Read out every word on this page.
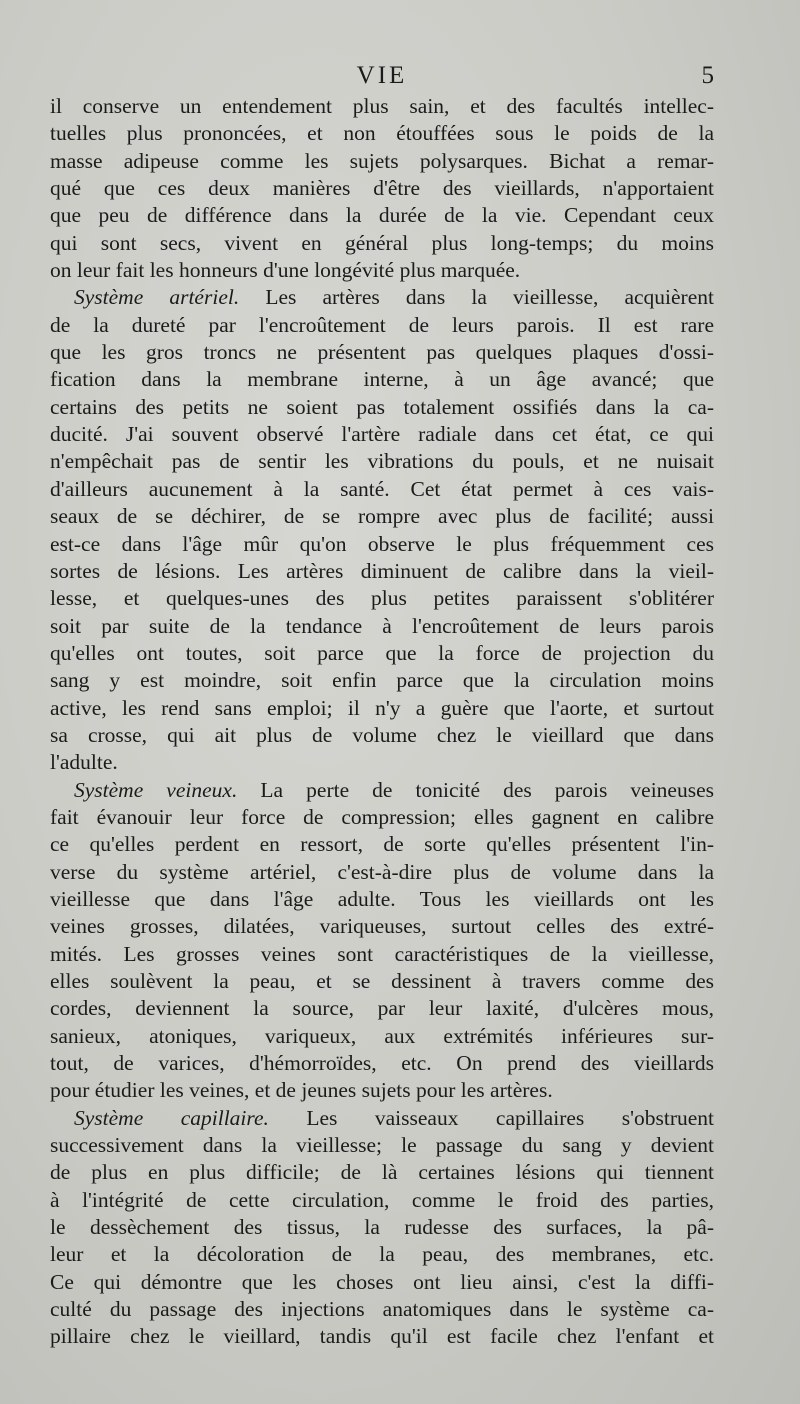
VIE	5
il conserve un entendement plus sain, et des facultés intellec-
tuelles plus prononcées, et non étouffées sous le poids de la
masse adipeuse comme les sujets polysarques. Bichat a remar-
qué que ces deux manières d'être des vieillards, n'apportaient
que peu de différence dans la durée de la vie. Cependant ceux
qui sont secs, vivent en général plus long-temps; du moins
on leur fait les honneurs d'une longévité plus marquée.
Système artériel. Les artères dans la vieillesse, acquièrent
de la dureté par l'encroûtement de leurs parois. Il est rare
que les gros troncs ne présentent pas quelques plaques d'ossi-
fication dans la membrane interne, à un âge avancé; que
certains des petits ne soient pas totalement ossifiés dans la ca-
ducité. J'ai souvent observé l'artère radiale dans cet état, ce qui
n'empêchait pas de sentir les vibrations du pouls, et ne nuisait
d'ailleurs aucunement à la santé. Cet état permet à ces vais-
seaux de se déchirer, de se rompre avec plus de facilité; aussi
est-ce dans l'âge mûr qu'on observe le plus fréquemment ces
sortes de lésions. Les artères diminuent de calibre dans la vieil-
lesse, et quelques-unes des plus petites paraissent s'oblitérer
soit par suite de la tendance à l'encroûtement de leurs parois
qu'elles ont toutes, soit parce que la force de projection du
sang y est moindre, soit enfin parce que la circulation moins
active, les rend sans emploi; il n'y a guère que l'aorte, et surtout
sa crosse, qui ait plus de volume chez le vieillard que dans
l'adulte.
Système veineux. La perte de tonicité des parois veineuses
fait évanouir leur force de compression; elles gagnent en calibre
ce qu'elles perdent en ressort, de sorte qu'elles présentent l'in-
verse du système artériel, c'est-à-dire plus de volume dans la
vieillesse que dans l'âge adulte. Tous les vieillards ont les
veines grosses, dilatées, variqueuses, surtout celles des extré-
mités. Les grosses veines sont caractéristiques de la vieillesse,
elles soulèvent la peau, et se dessinent à travers comme des
cordes, deviennent la source, par leur laxité, d'ulcères mous,
sanieux, atoniques, variqueux, aux extrémités inférieures sur-
tout, de varices, d'hémorroïdes, etc. On prend des vieillards
pour étudier les veines, et de jeunes sujets pour les artères.
Système capillaire. Les vaisseaux capillaires s'obstruent
successivement dans la vieillesse; le passage du sang y devient
de plus en plus difficile; de là certaines lésions qui tiennent
à l'intégrité de cette circulation, comme le froid des parties,
le dessèchement des tissus, la rudesse des surfaces, la pâ-
leur et la décoloration de la peau, des membranes, etc.
Ce qui démontre que les choses ont lieu ainsi, c'est la diffi-
culté du passage des injections anatomiques dans le système ca-
pillaire chez le vieillard, tandis qu'il est facile chez l'enfant et
